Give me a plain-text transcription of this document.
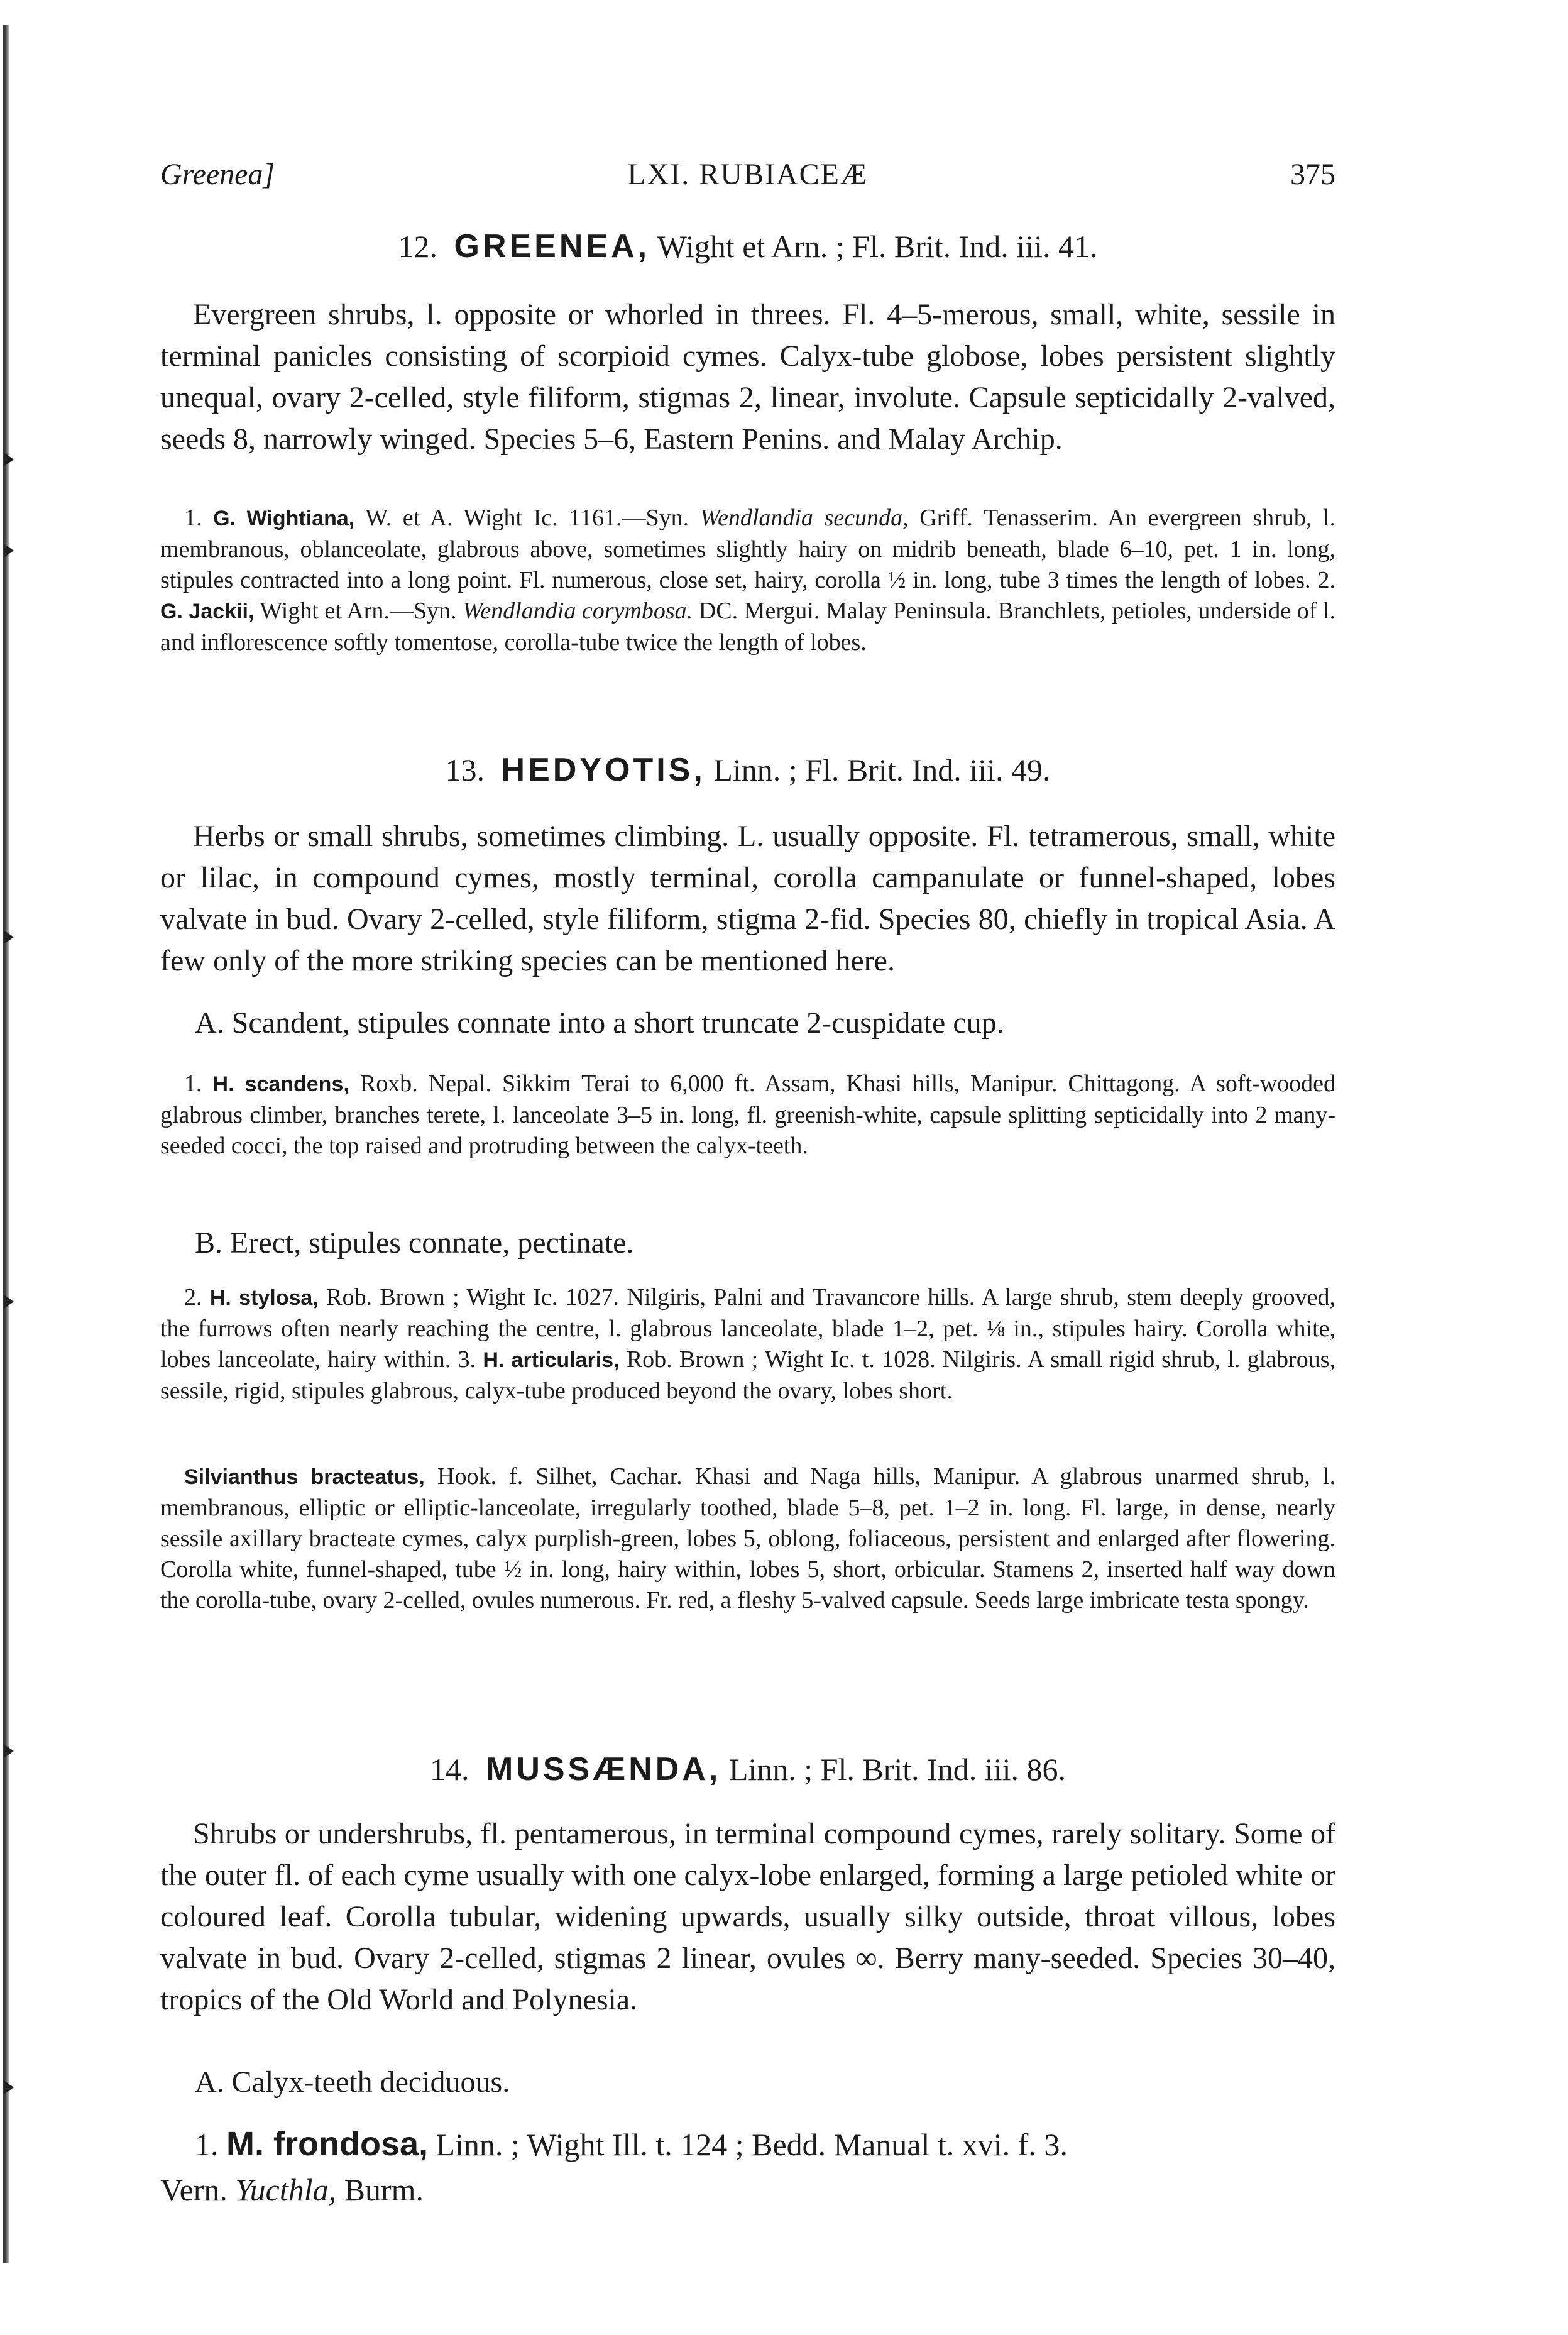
Greenea]	LXI. RUBIACEÆ	375
12. GREENEA, Wight et Arn. ; Fl. Brit. Ind. iii. 41.
Evergreen shrubs, l. opposite or whorled in threes. Fl. 4–5-merous, small, white, sessile in terminal panicles consisting of scorpioid cymes. Calyx-tube globose, lobes persistent slightly unequal, ovary 2-celled, style filiform, stigmas 2, linear, involute. Capsule septicidally 2-valved, seeds 8, narrowly winged. Species 5–6, Eastern Penins. and Malay Archip.
1. G. Wightiana, W. et A. Wight Ic. 1161.—Syn. Wendlandia secunda, Griff. Tenasserim. An evergreen shrub, l. membranous, oblanceolate, glabrous above, sometimes slightly hairy on midrib beneath, blade 6–10, pet. 1 in. long, stipules contracted into a long point. Fl. numerous, close set, hairy, corolla ½ in. long, tube 3 times the length of lobes. 2. G. Jackii, Wight et Arn.—Syn. Wendlandia corymbosa. DC. Mergui. Malay Peninsula. Branchlets, petioles, underside of l. and inflorescence softly tomentose, corolla-tube twice the length of lobes.
13. HEDYOTIS, Linn. ; Fl. Brit. Ind. iii. 49.
Herbs or small shrubs, sometimes climbing. L. usually opposite. Fl. tetramerous, small, white or lilac, in compound cymes, mostly terminal, corolla campanulate or funnel-shaped, lobes valvate in bud. Ovary 2-celled, style filiform, stigma 2-fid. Species 80, chiefly in tropical Asia. A few only of the more striking species can be mentioned here.
A. Scandent, stipules connate into a short truncate 2-cuspidate cup.
1. H. scandens, Roxb. Nepal. Sikkim Terai to 6,000 ft. Assam, Khasi hills, Manipur. Chittagong. A soft-wooded glabrous climber, branches terete, l. lanceolate 3–5 in. long, fl. greenish-white, capsule splitting septicidally into 2 many-seeded cocci, the top raised and protruding between the calyx-teeth.
B. Erect, stipules connate, pectinate.
2. H. stylosa, Rob. Brown ; Wight Ic. 1027. Nilgiris, Palni and Travancore hills. A large shrub, stem deeply grooved, the furrows often nearly reaching the centre, l. glabrous lanceolate, blade 1–2, pet. ⅛ in., stipules hairy. Corolla white, lobes lanceolate, hairy within. 3. H. articularis, Rob. Brown ; Wight Ic. t. 1028. Nilgiris. A small rigid shrub, l. glabrous, sessile, rigid, stipules glabrous, calyx-tube produced beyond the ovary, lobes short.
Silvianthus bracteatus, Hook. f. Silhet, Cachar. Khasi and Naga hills, Manipur. A glabrous unarmed shrub, l. membranous, elliptic or elliptic-lanceolate, irregularly toothed, blade 5–8, pet. 1–2 in. long. Fl. large, in dense, nearly sessile axillary bracteate cymes, calyx purplish-green, lobes 5, oblong, foliaceous, persistent and enlarged after flowering. Corolla white, funnel-shaped, tube ½ in. long, hairy within, lobes 5, short, orbicular. Stamens 2, inserted half way down the corolla-tube, ovary 2-celled, ovules numerous. Fr. red, a fleshy 5-valved capsule. Seeds large imbricate testa spongy.
14. MUSSÆNDA, Linn. ; Fl. Brit. Ind. iii. 86.
Shrubs or undershrubs, fl. pentamerous, in terminal compound cymes, rarely solitary. Some of the outer fl. of each cyme usually with one calyx-lobe enlarged, forming a large petioled white or coloured leaf. Corolla tubular, widening upwards, usually silky outside, throat villous, lobes valvate in bud. Ovary 2-celled, stigmas 2 linear, ovules ∞. Berry many-seeded. Species 30–40, tropics of the Old World and Polynesia.
A. Calyx-teeth deciduous.
1. M. frondosa, Linn. ; Wight Ill. t. 124 ; Bedd. Manual t. xvi. f. 3.
Vern. Yucthla, Burm.
